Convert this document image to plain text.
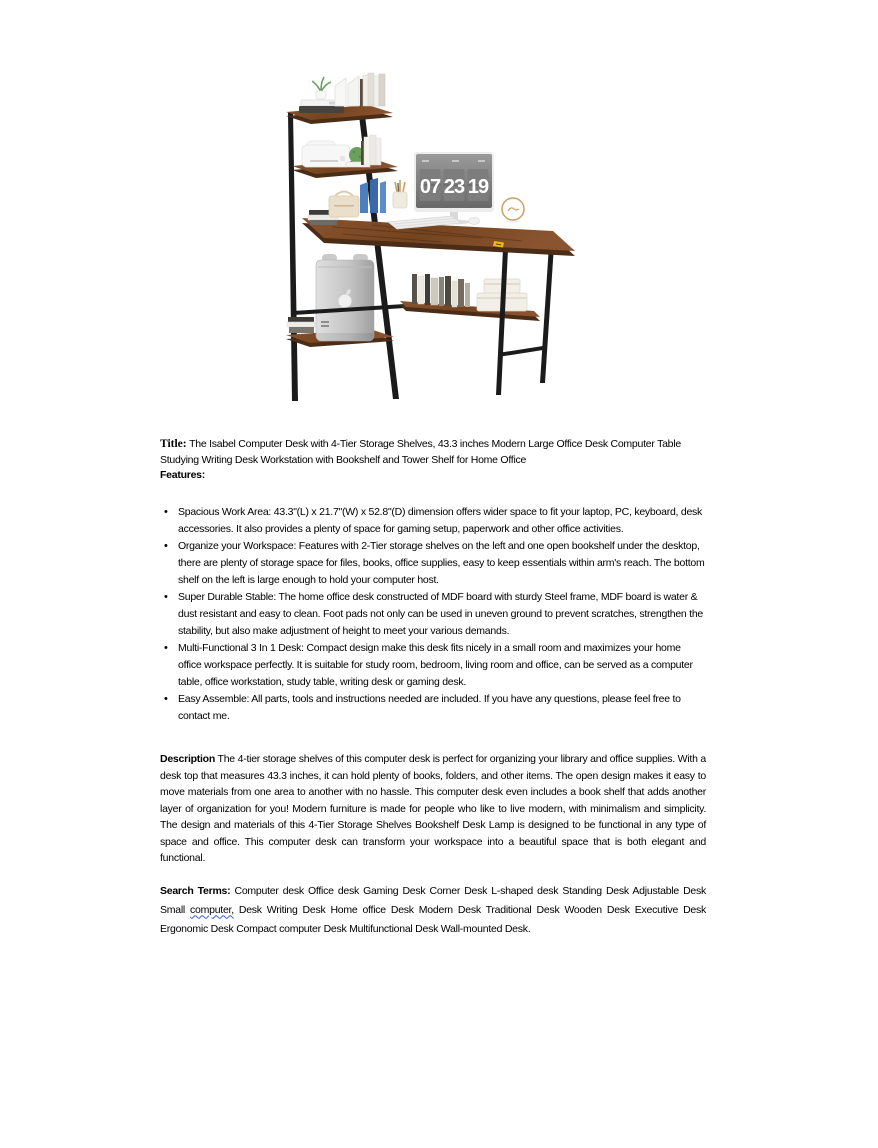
07 23 19

Title: The Isabel Computer Desk with 4-Tier Storage Shelves, 43.3 inches Modern Large Office Desk Computer Table Studying Writing Desk Workstation with Bookshelf and Tower Shelf for Home Office

Features:

• Spacious Work Area: 43.3"(L) x 21.7"(W) x 52.8"(D) dimension offers wider space to fit your laptop, PC, keyboard, desk accessories. It also provides a plenty of space for gaming setup, paperwork and other office activities.
• Organize your Workspace: Features with 2-Tier storage shelves on the left and one open bookshelf under the desktop, there are plenty of storage space for files, books, office supplies, easy to keep essentials within arm's reach. The bottom shelf on the left is large enough to hold your computer host.
• Super Durable Stable: The home office desk constructed of MDF board with sturdy Steel frame, MDF board is water & dust resistant and easy to clean. Foot pads not only can be used in uneven ground to prevent scratches, strengthen the stability, but also make adjustment of height to meet your various demands.
• Multi-Functional 3 In 1 Desk: Compact design make this desk fits nicely in a small room and maximizes your home office workspace perfectly. It is suitable for study room, bedroom, living room and office, can be served as a computer table, office workstation, study table, writing desk or gaming desk.
• Easy Assemble: All parts, tools and instructions needed are included. If you have any questions, please feel free to contact me.

Description The 4-tier storage shelves of this computer desk is perfect for organizing your library and office supplies. With a desk top that measures 43.3 inches, it can hold plenty of books, folders, and other items. The open design makes it easy to move materials from one area to another with no hassle. This computer desk even includes a book shelf that adds another layer of organization for you! Modern furniture is made for people who like to live modern, with minimalism and simplicity. The design and materials of this 4-Tier Storage Shelves Bookshelf Desk Lamp is designed to be functional in any type of space and office. This computer desk can transform your workspace into a beautiful space that is both elegant and functional.

Search Terms: Computer desk Office desk Gaming Desk Corner Desk L-shaped desk Standing Desk Adjustable Desk Small computer, Desk Writing Desk Home office Desk Modern Desk Traditional Desk Wooden Desk Executive Desk Ergonomic Desk Compact computer Desk Multifunctional Desk Wall-mounted Desk.
